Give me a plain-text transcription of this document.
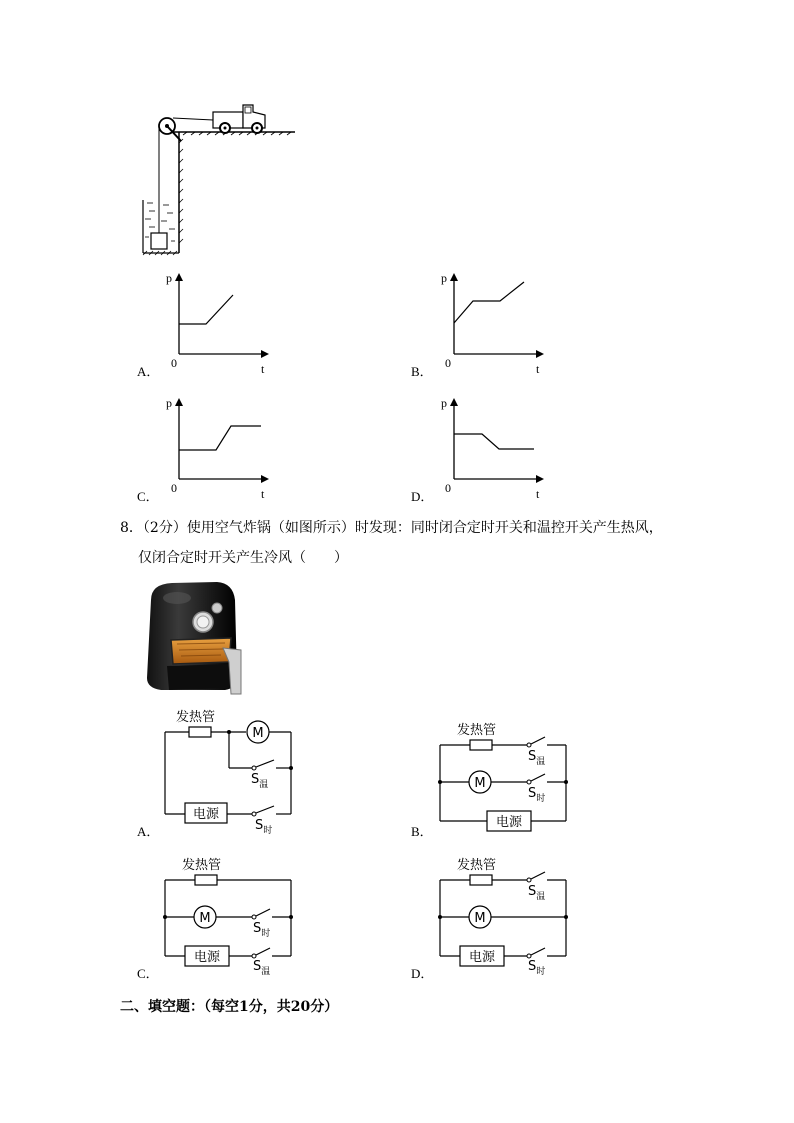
A．
p
0	t	B．
p
0	t
C．
p
0	t	D．
p
0	t
8．（2分）使用空气炸锅（如图所示）时发现：同时闭合定时开关和温控开关产生热风，
仅闭合定时开关产生冷风（　　）
A．
发热管
M
$S_温$
电源
$S_时$	B．
发热管
$S_温$
M
$S_时$
电源
C．
发热管
M
$S_时$
电源
$S_温$	D．
发热管
$S_温$
M
电源
$S_时$
二、填空题：（每空1分，共20分）
